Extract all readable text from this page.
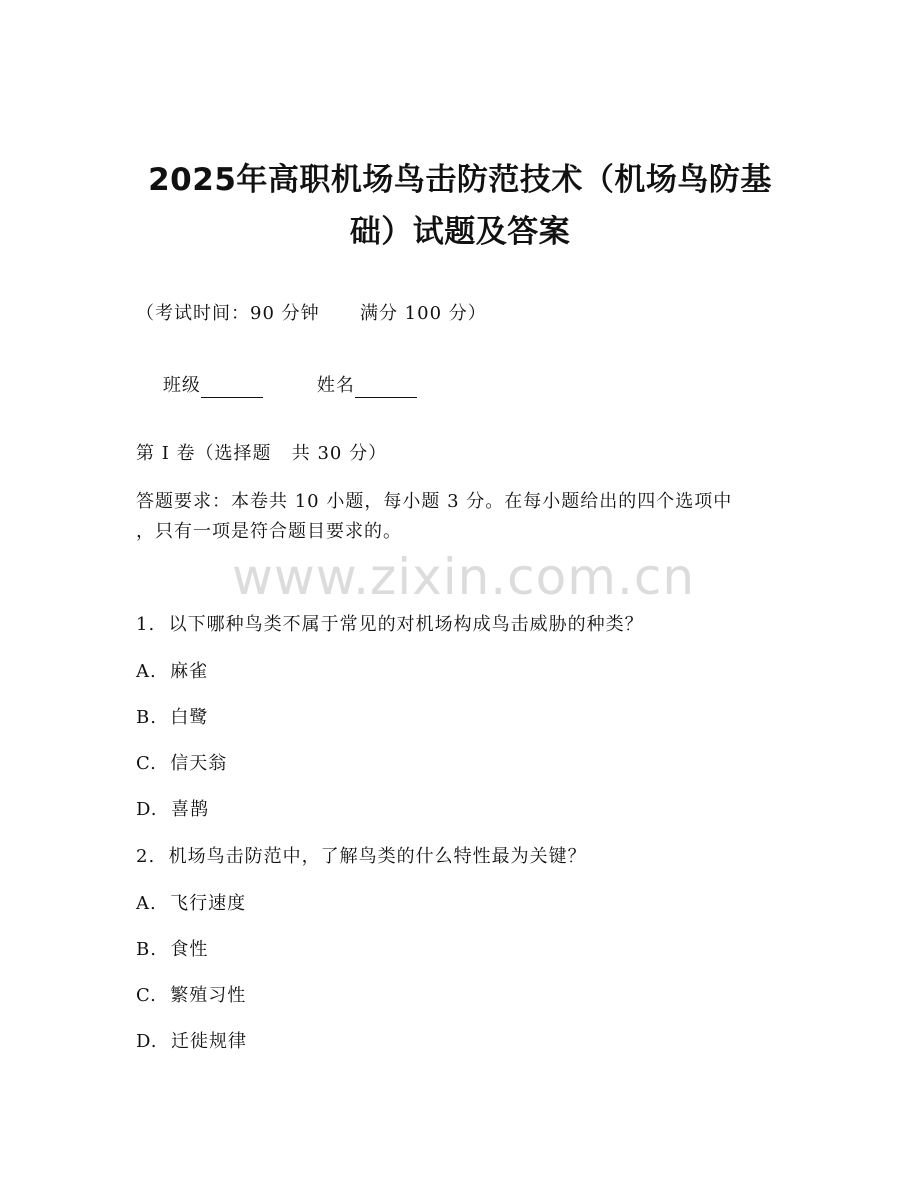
2025年高职机场鸟击防范技术（机场鸟防基
础）试题及答案
（考试时间：90 分钟      满分 100 分）

班级	姓名

第 I 卷（选择题   共 30 分）
答题要求：本卷共 10 小题，每小题 3 分。在每小题给出的四个选项中
，只有一项是符合题目要求的。
www.zixin.com.cn
1.  以下哪种鸟类不属于常见的对机场构成鸟击威胁的种类？
A.  麻雀
B.  白鹭
C.  信天翁
D.  喜鹊
2.  机场鸟击防范中，了解鸟类的什么特性最为关键？
A.  飞行速度
B.  食性
C.  繁殖习性
D.  迁徙规律
